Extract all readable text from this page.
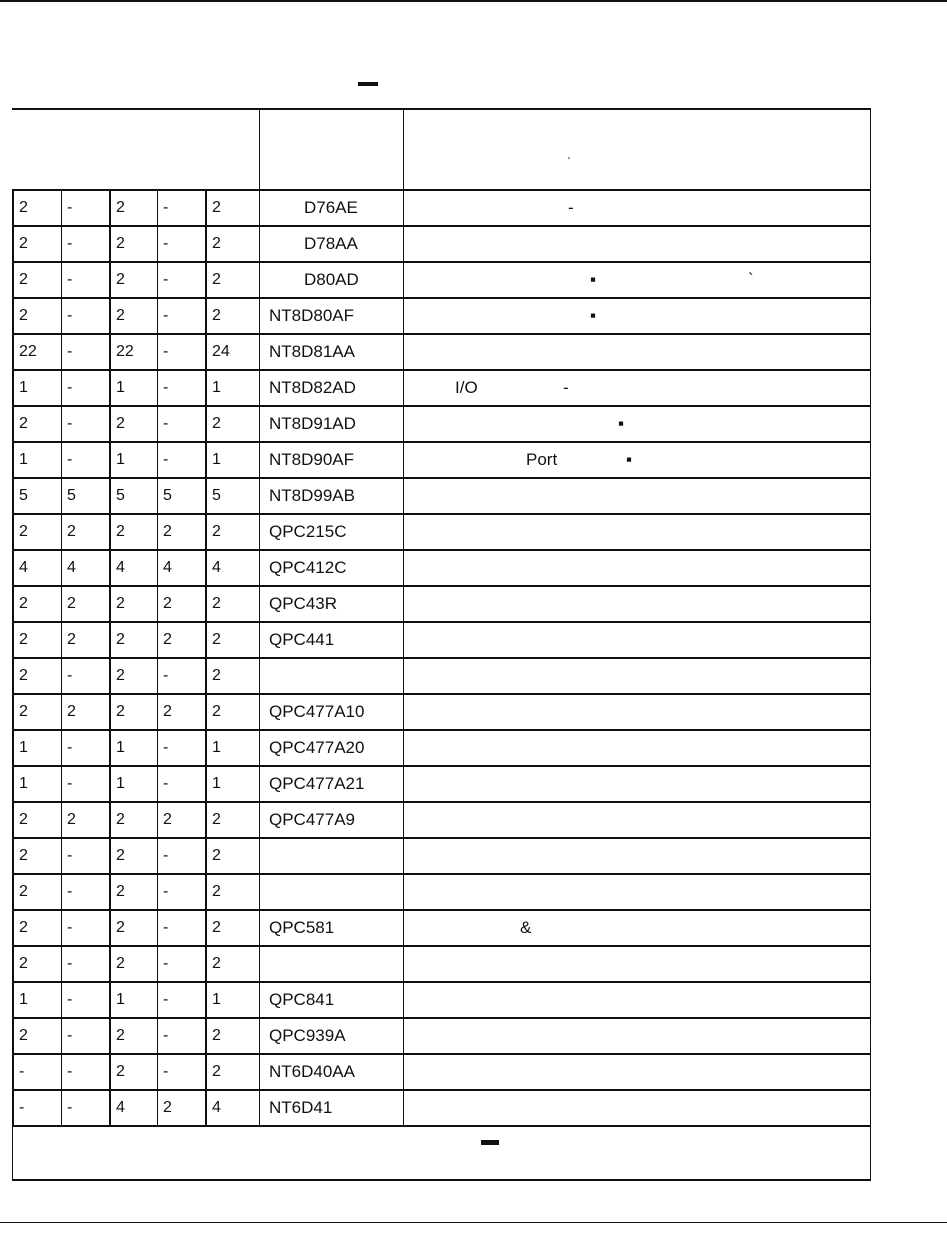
'
2	-	2	-	2	D76AE	-
2	-	2	-	2	D78AA
2	-	2	-	2	D80AD	▪	`
2	-	2	-	2	NT8D80AF	▪
22	-	22	-	24	NT8D81AA
1	-	1	-	1	NT8D82AD	I/O	-
2	-	2	-	2	NT8D91AD	▪
1	-	1	-	1	NT8D90AF	Port	▪
5	5	5	5	5	NT8D99AB
2	2	2	2	2	QPC215C
4	4	4	4	4	QPC412C
2	2	2	2	2	QPC43R
2	2	2	2	2	QPC441
2	-	2	-	2
2	2	2	2	2	QPC477A10
1	-	1	-	1	QPC477A20
1	-	1	-	1	QPC477A21
2	2	2	2	2	QPC477A9
2	-	2	-	2
2	-	2	-	2
2	-	2	-	2	QPC581	&
2	-	2	-	2
1	-	1	-	1	QPC841
2	-	2	-	2	QPC939A
-	-	2	-	2	NT6D40AA
-	-	4	2	4	NT6D41
